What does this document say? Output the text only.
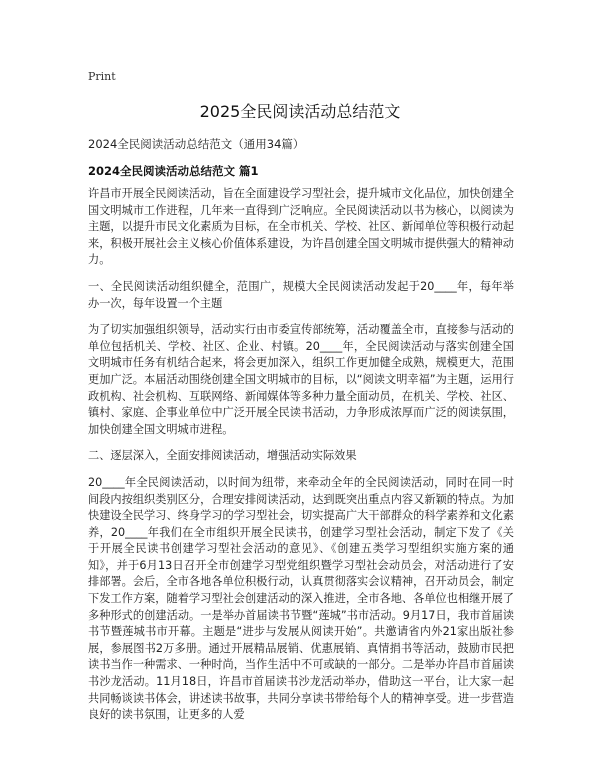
Print
2025全民阅读活动总结范文
2024全民阅读活动总结范文（通用34篇）
2024全民阅读活动总结范文 篇1

许昌市开展全民阅读活动，旨在全面建设学习型社会，提升城市文化品位，加快创建全国文明城市工作进程，几年来一直得到广泛响应。全民阅读活动以书为核心，以阅读为主题，以提升市民文化素质为目标，在全市机关、学校、社区、新闻单位等积极行动起来，积极开展社会主义核心价值体系建设，为许昌创建全国文明城市提供强大的精神动力。

一、全民阅读活动组织健全，范围广，规模大全民阅读活动发起于20____年，每年举办一次，每年设置一个主题

为了切实加强组织领导，活动实行由市委宣传部统筹，活动覆盖全市，直接参与活动的单位包括机关、学校、社区、企业、村镇。20____年，全民阅读活动与落实创建全国文明城市任务有机结合起来，将会更加深入，组织工作更加健全成熟，规模更大，范围更加广泛。本届活动围绕创建全国文明城市的目标，以“阅读文明幸福”为主题，运用行政机构、社会机构、互联网络、新闻媒体等多种力量全面动员，在机关、学校、社区、镇村、家庭、企事业单位中广泛开展全民读书活动，力争形成浓厚而广泛的阅读氛围，加快创建全国文明城市进程。

二、逐层深入，全面安排阅读活动，增强活动实际效果

20____年全民阅读活动，以时间为纽带，来牵动全年的全民阅读活动，同时在同一时间段内按组织类别区分，合理安排阅读活动，达到既突出重点内容又新颖的特点。为加快建设全民学习、终身学习的学习型社会，切实提高广大干部群众的科学素养和文化素养，20____年我们在全市组织开展全民读书，创建学习型社会活动，制定下发了《关于开展全民读书创建学习型社会活动的意见》、《创建五类学习型组织实施方案的通知》，并于6月13日召开全市创建学习型党组织暨学习型社会动员会，对活动进行了安排部署。会后，全市各地各单位积极行动，认真贯彻落实会议精神，召开动员会，制定下发工作方案，随着学习型社会创建活动的深入推进，全市各地、各单位也相继开展了多种形式的创建活动。一是举办首届读书节暨“莲城”书市活动。9月17日，我市首届读书节暨莲城书市开幕。主题是“进步与发展从阅读开始”。共邀请省内外21家出版社参展，参展图书2万多册。通过开展精品展销、优惠展销、真情捐书等活动，鼓励市民把读书当作一种需求、一种时尚，当作生活中不可或缺的一部分。二是举办许昌市首届读书沙龙活动。11月18日，许昌市首届读书沙龙活动举办，借助这一平台，让大家一起共同畅谈读书体会，讲述读书故事，共同分享读书带给每个人的精神享受。进一步营造良好的读书氛围，让更多的人爱
